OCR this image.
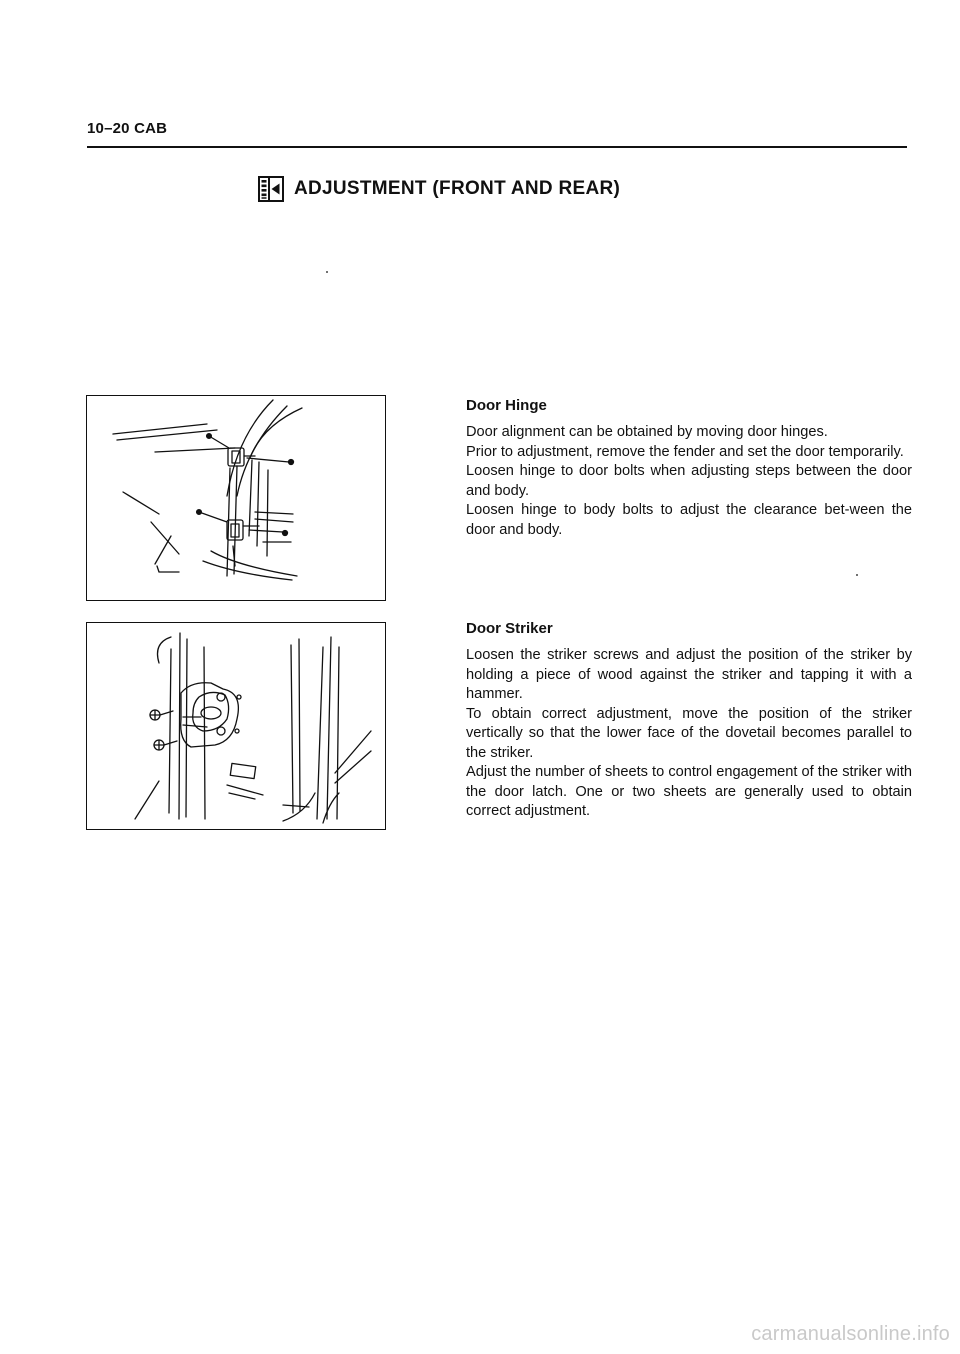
10–20 CAB
ADJUSTMENT (FRONT AND REAR)
Door Hinge

Door alignment can be obtained by moving door hinges.

Prior to adjustment, remove the fender and set the door temporarily.

Loosen hinge to door bolts when adjusting steps between the door and body.

Loosen hinge to body bolts to adjust the clearance bet-ween the door and body.

Door Striker

Loosen the striker screws and adjust the position of the striker by holding a piece of wood against the striker and tapping it with a hammer.

To obtain correct adjustment, move the position of the striker vertically so that the lower face of the dovetail becomes parallel to the striker.

Adjust the number of sheets to control engagement of the striker with the door latch. One or two sheets are generally used to obtain correct adjustment.

carmanualsonline.info
